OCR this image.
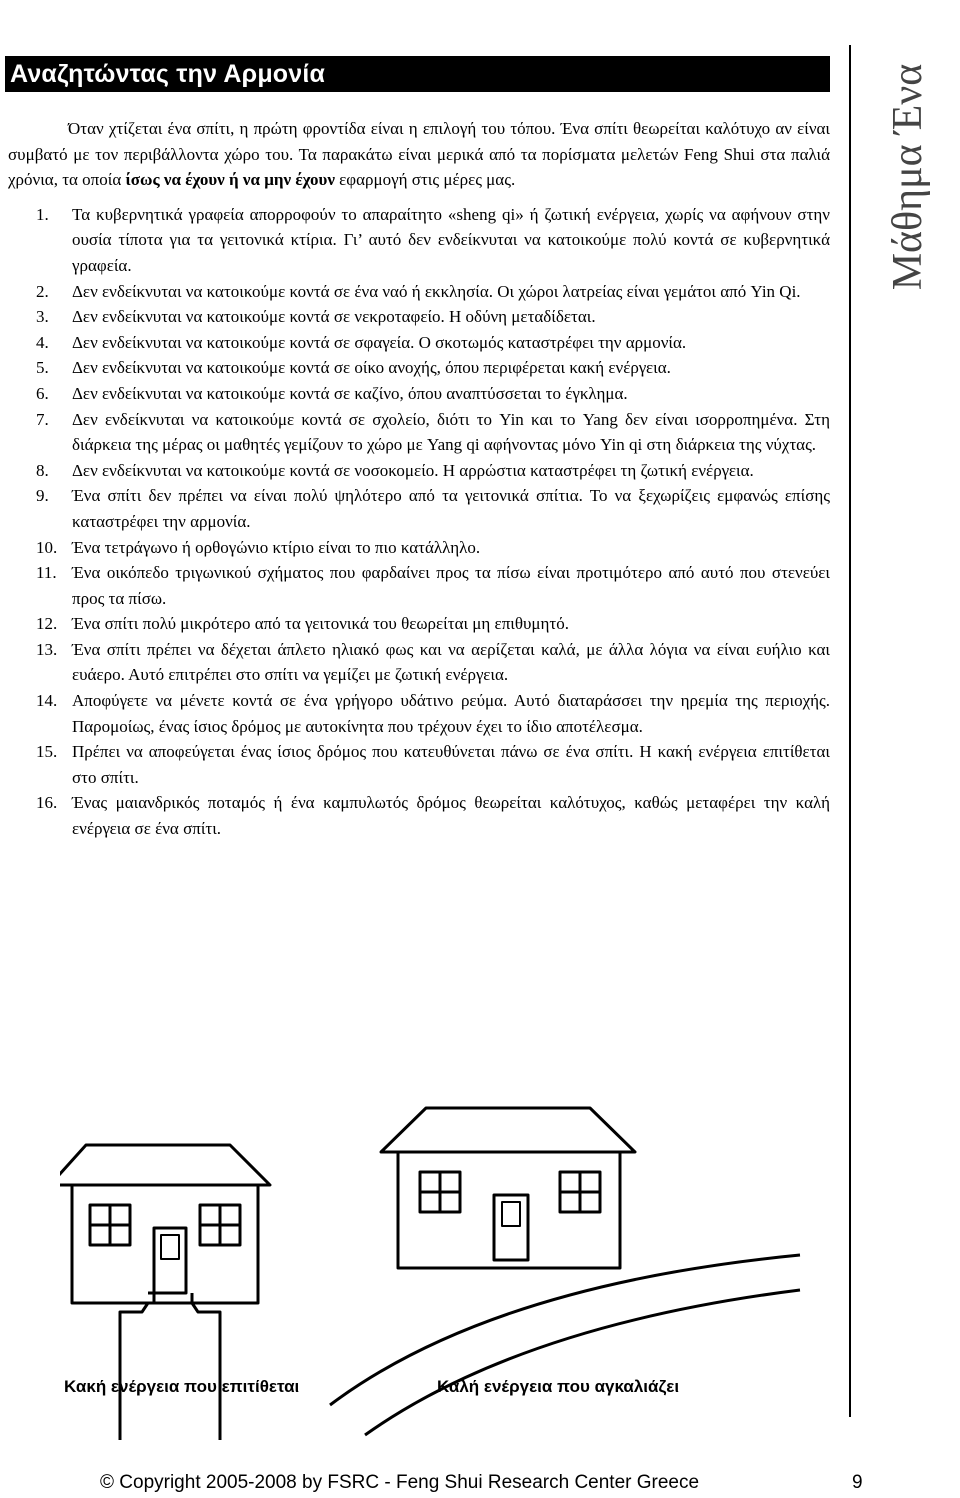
Αναζητώντας την Αρμονία	Μάθημα Ένα

Όταν χτίζεται ένα σπίτι, η πρώτη φροντίδα είναι η επιλογή του τόπου. Ένα σπίτι θεωρείται καλότυχο αν είναι συμβατό με τον περιβάλλοντα χώρο του. Τα παρακάτω είναι μερικά από τα πορίσματα μελετών Feng Shui στα παλιά χρόνια, τα οποία ίσως να έχουν ή να μην έχουν εφαρμογή στις μέρες μας.

1. Τα κυβερνητικά γραφεία απορροφούν το απαραίτητο «sheng qi» ή ζωτική ενέργεια, χωρίς να αφήνουν στην ουσία τίποτα για τα γειτονικά κτίρια. Γι’ αυτό δεν ενδείκνυται να κατοικούμε πολύ κοντά σε κυβερνητικά γραφεία.
2. Δεν ενδείκνυται να κατοικούμε κοντά σε ένα ναό ή εκκλησία. Οι χώροι λατρείας είναι γεμάτοι από Yin Qi.
3. Δεν ενδείκνυται να κατοικούμε κοντά σε νεκροταφείο. Η οδύνη μεταδίδεται.
4. Δεν ενδείκνυται να κατοικούμε κοντά σε σφαγεία. Ο σκοτωμός καταστρέφει την αρμονία.
5. Δεν ενδείκνυται να κατοικούμε κοντά σε οίκο ανοχής, όπου περιφέρεται κακή ενέργεια.
6. Δεν ενδείκνυται να κατοικούμε κοντά σε καζίνο, όπου αναπτύσσεται το έγκλημα.
7. Δεν ενδείκνυται να κατοικούμε κοντά σε σχολείο, διότι το Yin και το Yang δεν είναι ισορροπημένα. Στη διάρκεια της μέρας οι μαθητές γεμίζουν το χώρο με Yang qi αφήνοντας μόνο Yin qi στη διάρκεια της νύχτας.
8. Δεν ενδείκνυται να κατοικούμε κοντά σε νοσοκομείο. Η αρρώστια καταστρέφει τη ζωτική ενέργεια.
9. Ένα σπίτι δεν πρέπει να είναι πολύ ψηλότερο από τα γειτονικά σπίτια. Το να ξεχωρίζεις εμφανώς επίσης καταστρέφει την αρμονία.
10. Ένα τετράγωνο ή ορθογώνιο κτίριο είναι το πιο κατάλληλο.
11. Ένα οικόπεδο τριγωνικού σχήματος που φαρδαίνει προς τα πίσω είναι προτιμότερο από αυτό που στενεύει προς τα πίσω.
12. Ένα σπίτι πολύ μικρότερο από τα γειτονικά του θεωρείται μη επιθυμητό.
13. Ένα σπίτι πρέπει να δέχεται άπλετο ηλιακό φως και να αερίζεται καλά, με άλλα λόγια να είναι ευήλιο και ευάερο. Αυτό επιτρέπει στο σπίτι να γεμίζει με ζωτική ενέργεια.
14. Αποφύγετε να μένετε κοντά σε ένα γρήγορο υδάτινο ρεύμα. Αυτό διαταράσσει την ηρεμία της περιοχής. Παρομοίως, ένας ίσιος δρόμος με αυτοκίνητα που τρέχουν έχει το ίδιο αποτέλεσμα.
15. Πρέπει να αποφεύγεται ένας ίσιος δρόμος που κατευθύνεται πάνω σε ένα σπίτι. Η κακή ενέργεια επιτίθεται στο σπίτι.
16. Ένας μαιανδρικός ποταμός ή ένα καμπυλωτός δρόμος θεωρείται καλότυχος, καθώς μεταφέρει την καλή ενέργεια σε ένα σπίτι.
Κακή ενέργεια που επιτίθεται	Καλή ενέργεια που αγκαλιάζει
© Copyright 2005-2008 by FSRC - Feng Shui Research Center Greece	9
